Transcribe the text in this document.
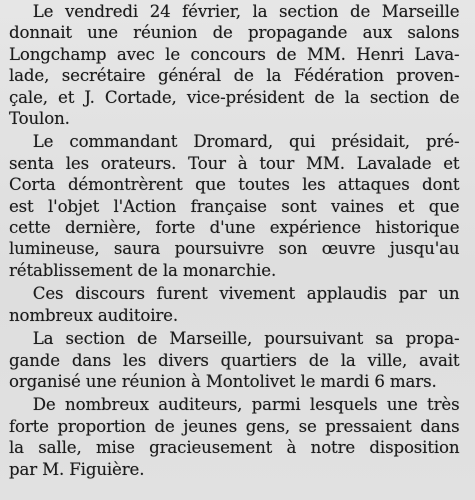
Le vendredi 24 février, la section de Marseille
donnait une réunion de propagande aux salons
Longchamp avec le concours de MM. Henri Lava-
lade, secrétaire général de la Fédération proven-
çale, et J. Cortade, vice-président de la section de
Toulon.

Le commandant Dromard, qui présidait, pré-
senta les orateurs. Tour à tour MM. Lavalade et
Corta démontrèrent que toutes les attaques dont
est l'objet l'Action française sont vaines et que
cette dernière, forte d'une expérience historique
lumineuse, saura poursuivre son œuvre jusqu'au
rétablissement de la monarchie.

Ces discours furent vivement applaudis par un
nombreux auditoire.

La section de Marseille, poursuivant sa propa-
gande dans les divers quartiers de la ville, avait
organisé une réunion à Montolivet le mardi 6 mars.

De nombreux auditeurs, parmi lesquels une très
forte proportion de jeunes gens, se pressaient dans
la salle, mise gracieusement à notre disposition
par M. Figuière.
